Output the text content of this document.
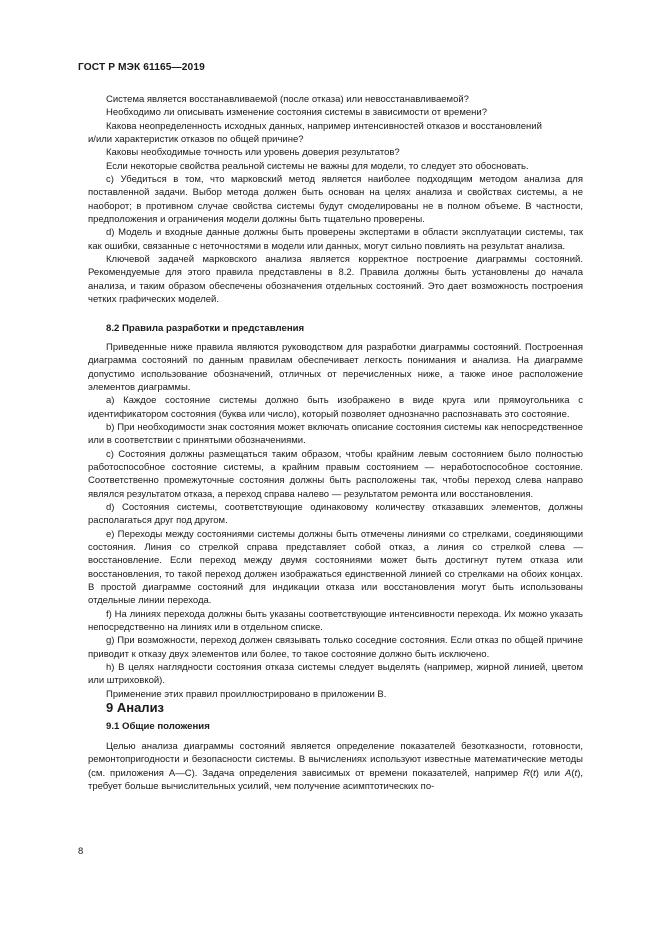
ГОСТ Р МЭК 61165—2019

Система является восстанавливаемой (после отказа) или невосстанавливаемой?

Необходимо ли описывать изменение состояния системы в зависимости от времени?

Какова неопределенность исходных данных, например интенсивностей отказов и восстановлений

и/или характеристик отказов по общей причине?

Каковы необходимые точность или уровень доверия результатов?

Если некоторые свойства реальной системы не важны для модели, то следует это обосновать.

c) Убедиться в том, что марковский метод является наиболее подходящим методом анализа для поставленной задачи. Выбор метода должен быть основан на целях анализа и свойствах системы, а не наоборот; в противном случае свойства системы будут смоделированы не в полном объеме. В частности, предположения и ограничения модели должны быть тщательно проверены.

d) Модель и входные данные должны быть проверены экспертами в области эксплуатации системы, так как ошибки, связанные с неточностями в модели или данных, могут сильно повлиять на результат анализа.

Ключевой задачей марковского анализа является корректное построение диаграммы состояний. Рекомендуемые для этого правила представлены в 8.2. Правила должны быть установлены до начала анализа, и таким образом обеспечены обозначения отдельных состояний. Это дает возможность построения четких графических моделей.

8.2 Правила разработки и представления

Приведенные ниже правила являются руководством для разработки диаграммы состояний. Построенная диаграмма состояний по данным правилам обеспечивает легкость понимания и анализа. На диаграмме допустимо использование обозначений, отличных от перечисленных ниже, а также иное расположение элементов диаграммы.

а) Каждое состояние системы должно быть изображено в виде круга или прямоугольника с идентификатором состояния (буква или число), который позволяет однозначно распознавать это состояние.

b) При необходимости знак состояния может включать описание состояния системы как непосредственное или в соответствии с принятыми обозначениями.

c) Состояния должны размещаться таким образом, чтобы крайним левым состоянием было полностью работоспособное состояние системы, а крайним правым состоянием — неработоспособное состояние. Соответственно промежуточные состояния должны быть расположены так, чтобы переход слева направо являлся результатом отказа, а переход справа налево — результатом ремонта или восстановления.

d) Состояния системы, соответствующие одинаковому количеству отказавших элементов, должны располагаться друг под другом.

e) Переходы между состояниями системы должны быть отмечены линиями со стрелками, соединяющими состояния. Линия со стрелкой справа представляет собой отказ, а линия со стрелкой слева — восстановление. Если переход между двумя состояниями может быть достигнут путем отказа или восстановления, то такой переход должен изображаться единственной линией со стрелками на обоих концах. В простой диаграмме состояний для индикации отказа или восстановления могут быть использованы отдельные линии перехода.

f) На линиях перехода должны быть указаны соответствующие интенсивности перехода. Их можно указать непосредственно на линиях или в отдельном списке.

g) При возможности, переход должен связывать только соседние состояния. Если отказ по общей причине приводит к отказу двух элементов или более, то такое состояние должно быть исключено.

h) В целях наглядности состояния отказа системы следует выделять (например, жирной линией, цветом или штриховкой).

Применение этих правил проиллюстрировано в приложении B.

9 Анализ

9.1 Общие положения

Целью анализа диаграммы состояний является определение показателей безотказности, готовности, ремонтопригодности и безопасности системы. В вычислениях используют известные математические методы (см. приложения A—C). Задача определения зависимых от времени показателей, например R(t) или A(t), требует больше вычислительных усилий, чем получение асимптотических по-

8
